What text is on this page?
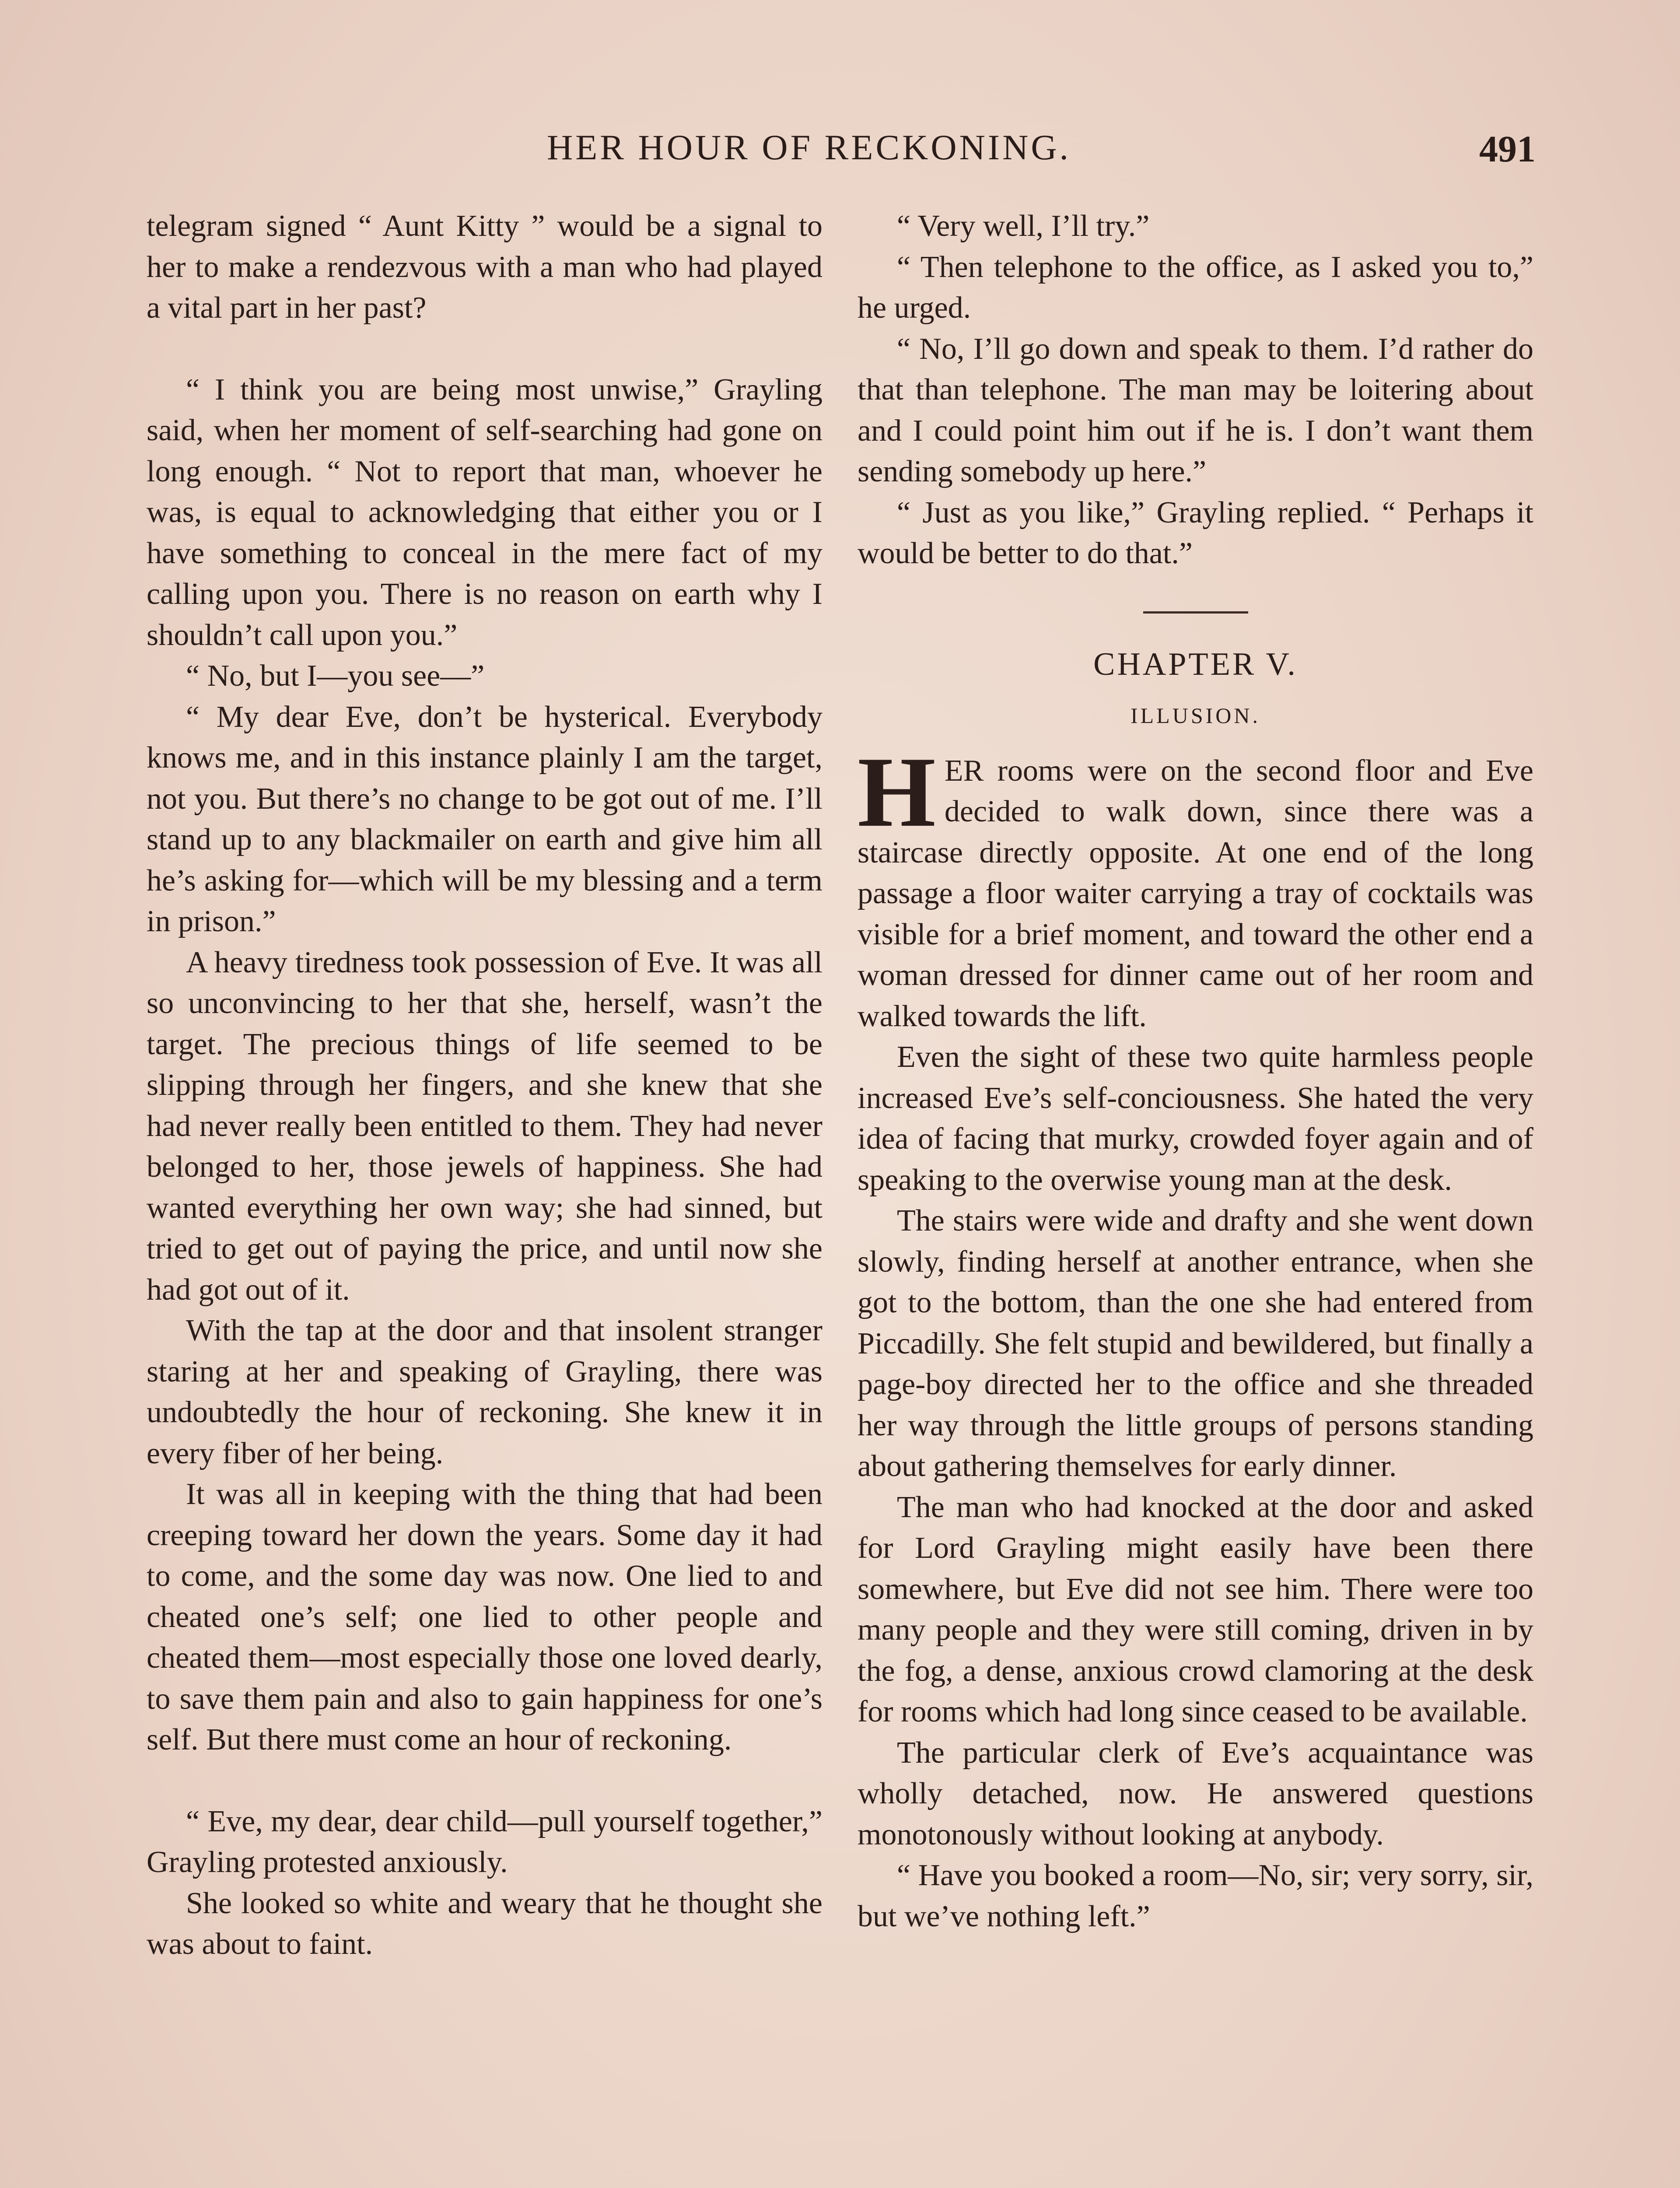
HER HOUR OF RECKONING.	491

telegram signed “ Aunt Kitty ” would be a signal to her to make a rendezvous with a man who had played a vital part in her past?

“ I think you are being most unwise,” Grayling said, when her moment of self-searching had gone on long enough. “ Not to report that man, whoever he was, is equal to acknowledging that either you or I have something to conceal in the mere fact of my calling upon you. There is no reason on earth why I shouldn’t call upon you.”

“ No, but I—you see—”

“ My dear Eve, don’t be hysterical. Everybody knows me, and in this instance plainly I am the target, not you. But there’s no change to be got out of me. I’ll stand up to any blackmailer on earth and give him all he’s asking for—which will be my blessing and a term in prison.”

A heavy tiredness took possession of Eve. It was all so unconvincing to her that she, herself, wasn’t the target. The precious things of life seemed to be slipping through her fingers, and she knew that she had never really been entitled to them. They had never belonged to her, those jewels of happiness. She had wanted everything her own way; she had sinned, but tried to get out of paying the price, and until now she had got out of it.

With the tap at the door and that insolent stranger staring at her and speaking of Grayling, there was undoubtedly the hour of reckoning. She knew it in every fiber of her being.

It was all in keeping with the thing that had been creeping toward her down the years. Some day it had to come, and the some day was now. One lied to and cheated one’s self; one lied to other people and cheated them—most especially those one loved dearly, to save them pain and also to gain happiness for one’s self. But there must come an hour of reckoning.

“ Eve, my dear, dear child—pull yourself together,” Grayling protested anxiously.

She looked so white and weary that he thought she was about to faint.

“ Very well, I’ll try.”

“ Then telephone to the office, as I asked you to,” he urged.

“ No, I’ll go down and speak to them. I’d rather do that than telephone. The man may be loitering about and I could point him out if he is. I don’t want them sending somebody up here.”

“ Just as you like,” Grayling replied. “ Perhaps it would be better to do that.”

CHAPTER V.
ILLUSION.

HER rooms were on the second floor and Eve decided to walk down, since there was a staircase directly opposite. At one end of the long passage a floor waiter carrying a tray of cocktails was visible for a brief moment, and toward the other end a woman dressed for dinner came out of her room and walked towards the lift.

Even the sight of these two quite harmless people increased Eve’s self-conciousness. She hated the very idea of facing that murky, crowded foyer again and of speaking to the overwise young man at the desk.

The stairs were wide and drafty and she went down slowly, finding herself at another entrance, when she got to the bottom, than the one she had entered from Piccadilly. She felt stupid and bewildered, but finally a page-boy directed her to the office and she threaded her way through the little groups of persons standing about gathering themselves for early dinner.

The man who had knocked at the door and asked for Lord Grayling might easily have been there somewhere, but Eve did not see him. There were too many people and they were still coming, driven in by the fog, a dense, anxious crowd clamoring at the desk for rooms which had long since ceased to be available.

The particular clerk of Eve’s acquaintance was wholly detached, now. He answered questions monotonously without looking at anybody.

“ Have you booked a room—No, sir; very sorry, sir, but we’ve nothing left.”
